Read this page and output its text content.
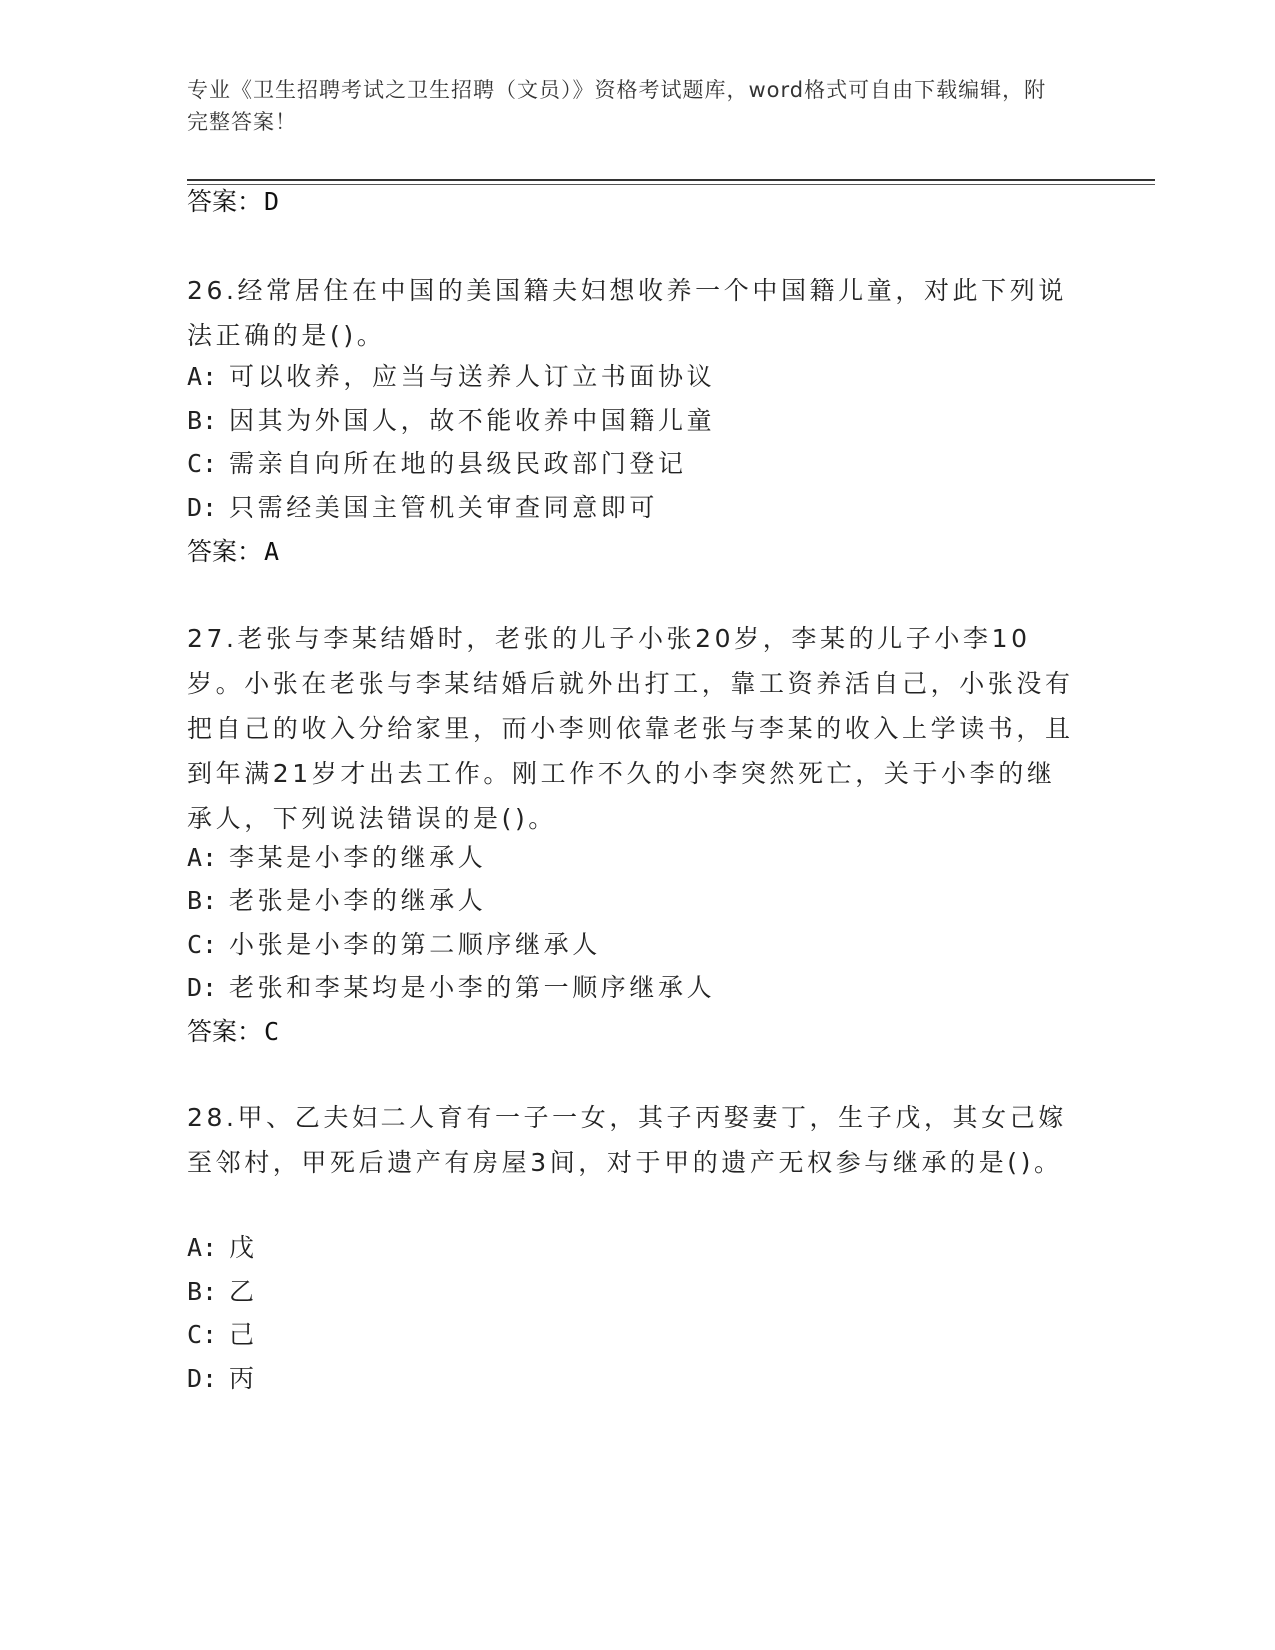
专业《卫生招聘考试之卫生招聘（文员）》资格考试题库，word格式可自由下载编辑，附完整答案！
答案：D
26.经常居住在中国的美国籍夫妇想收养一个中国籍儿童，对此下列说法正确的是()。
A: 可以收养，应当与送养人订立书面协议
B: 因其为外国人，故不能收养中国籍儿童
C: 需亲自向所在地的县级民政部门登记
D: 只需经美国主管机关审查同意即可
答案：A
27.老张与李某结婚时，老张的儿子小张20岁，李某的儿子小李10岁。小张在老张与李某结婚后就外出打工，靠工资养活自己，小张没有把自己的收入分给家里，而小李则依靠老张与李某的收入上学读书，且到年满21岁才出去工作。刚工作不久的小李突然死亡，关于小李的继承人，下列说法错误的是()。
A: 李某是小李的继承人
B: 老张是小李的继承人
C: 小张是小李的第二顺序继承人
D: 老张和李某均是小李的第一顺序继承人
答案：C
28.甲、乙夫妇二人育有一子一女，其子丙娶妻丁，生子戊，其女己嫁至邻村，甲死后遗产有房屋3间，对于甲的遗产无权参与继承的是()。
A: 戊
B: 乙
C: 己
D: 丙
